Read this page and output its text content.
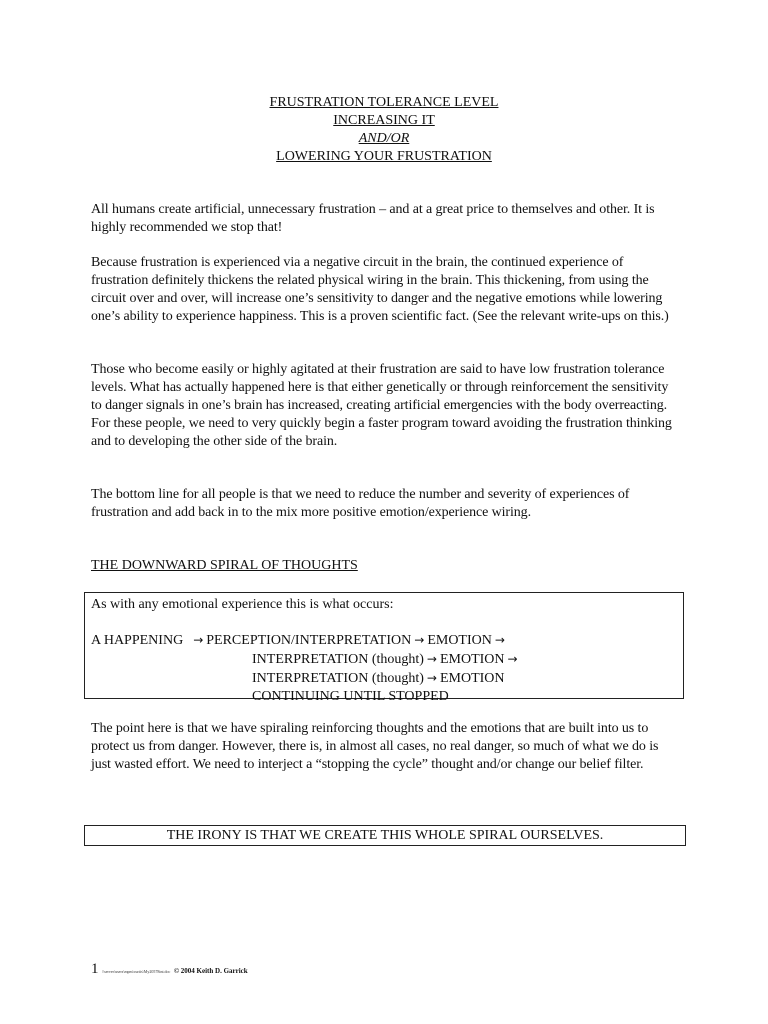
FRUSTRATION TOLERANCE LEVEL
INCREASING IT
AND/OR
LOWERING YOUR FRUSTRATION

All humans create artificial, unnecessary frustration – and at a great price to themselves and other. It is highly recommended we stop that!

Because frustration is experienced via a negative circuit in the brain, the continued experience of frustration definitely thickens the related physical wiring in the brain. This thickening, from using the circuit over and over, will increase one’s sensitivity to danger and the negative emotions while lowering one’s ability to experience happiness. This is a proven scientific fact. (See the relevant write-ups on this.)

Those who become easily or highly agitated at their frustration are said to have low frustration tolerance levels. What has actually happened here is that either genetically or through reinforcement the sensitivity to danger signals in one’s brain has increased, creating artificial emergencies with the body overreacting. For these people, we need to very quickly begin a faster program toward avoiding the frustration thinking and to developing the other side of the brain.

The bottom line for all people is that we need to reduce the number and severity of experiences of frustration and add back in to the mix more positive emotion/experience wiring.

THE DOWNWARD SPIRAL OF THOUGHTS

As with any emotional experience this is what occurs:
A HAPPENING → PERCEPTION/INTERPRETATION → EMOTION →
INTERPRETATION (thought) → EMOTION →
INTERPRETATION (thought) → EMOTION
CONTINUING UNTIL STOPPED

The point here is that we have spiraling reinforcing thoughts and the emotions that are built into us to protect us from danger. However, there is, in almost all cases, no real danger, so much of what we do is just wasted effort. We need to interject a “stopping the cycle” thought and/or change our belief filter.

THE IRONY IS THAT WE CREATE THIS WHOLE SPIRAL OURSELVES.
1 \\server\users\mpm\curtis\My20578int.doc © 2004 Keith D. Garrick
